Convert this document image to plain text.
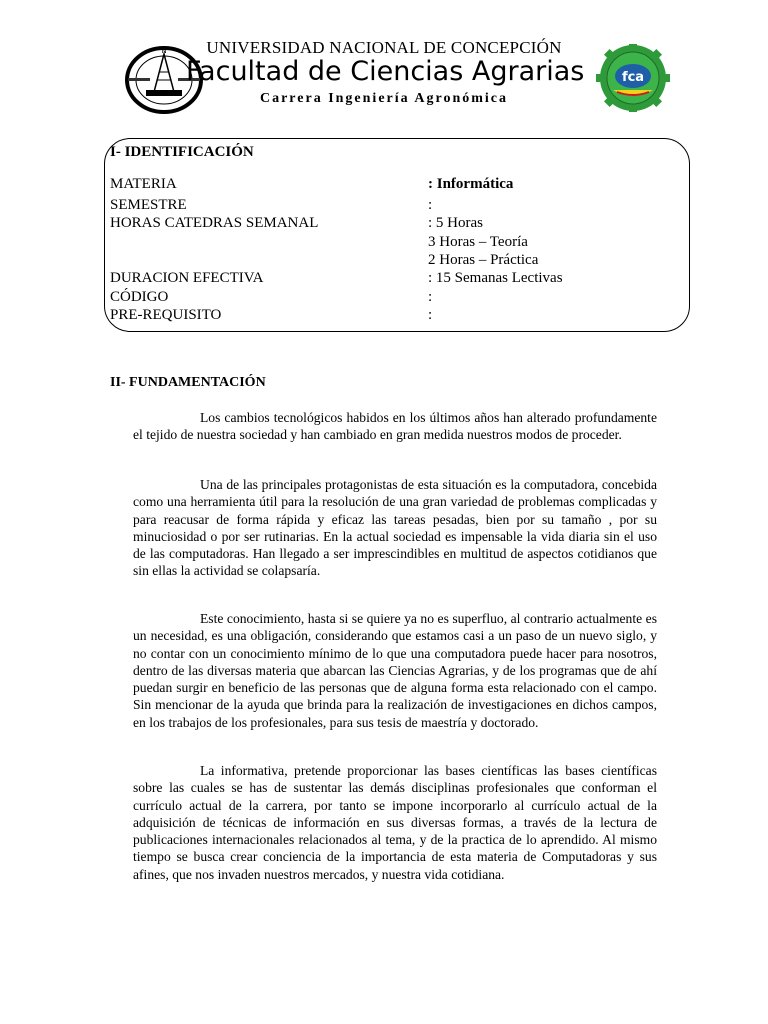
N	UNIVERSIDAD NACIONAL DE CONCEPCIÓN
Facultad de Ciencias Agrarias
Carrera Ingeniería Agronómica
fca
I- IDENTIFICACIÓN
MATERIA	: Informática
SEMESTRE	:
HORAS CATEDRAS SEMANAL	: 5 Horas
3 Horas – Teoría
2 Horas – Práctica
DURACION EFECTIVA	: 15 Semanas Lectivas
CÓDIGO	:
PRE-REQUISITO	:
II- FUNDAMENTACIÓN

Los cambios tecnológicos habidos en los últimos años han alterado profundamente el tejido de nuestra sociedad y han cambiado en gran medida nuestros modos de proceder.

Una de las principales protagonistas de esta situación es la computadora, concebida como una herramienta útil para la resolución de una gran variedad de problemas complicadas y para reacusar de forma rápida y eficaz las tareas pesadas, bien por su tamaño , por su minuciosidad o por ser rutinarias. En la actual sociedad es impensable la vida diaria sin el uso de las computadoras. Han llegado a ser imprescindibles en multitud de aspectos cotidianos que sin ellas la actividad se colapsaría.

Este conocimiento, hasta si se quiere ya no es superfluo, al contrario actualmente es un necesidad, es una obligación, considerando que estamos casi a un paso de un nuevo siglo, y no contar con un conocimiento mínimo de lo que una computadora puede hacer para nosotros, dentro de las diversas materia que abarcan las Ciencias Agrarias, y de los programas que de ahí puedan surgir en beneficio de las personas que de alguna forma esta relacionado con el campo. Sin mencionar de la ayuda que brinda para la realización de investigaciones en dichos campos, en los trabajos de los profesionales, para sus tesis de maestría y doctorado.

La informativa, pretende proporcionar las bases científicas las bases científicas sobre las cuales se has de sustentar las demás disciplinas profesionales que conforman el currículo actual de la carrera, por tanto se impone incorporarlo al currículo actual de la adquisición de técnicas de información en sus diversas formas, a través de la lectura de publicaciones internacionales relacionados al tema, y de la practica de lo aprendido. Al mismo tiempo se busca crear conciencia de la importancia de esta materia de Computadoras y sus afines, que nos invaden nuestros mercados, y nuestra vida cotidiana.
